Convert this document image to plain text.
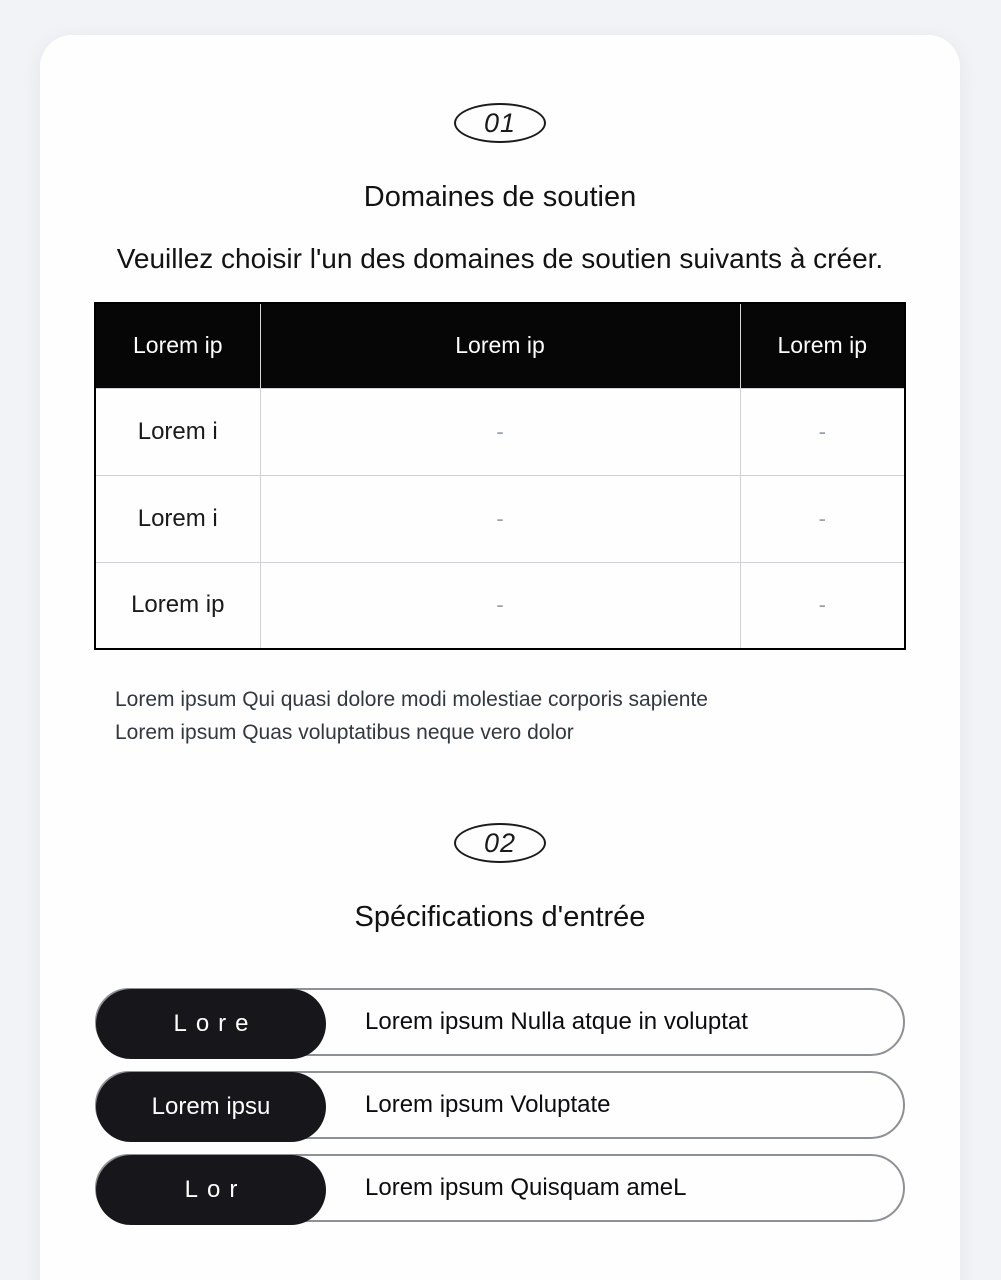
01
Domaines de soutien

Veuillez choisir l'un des domaines de soutien suivants à créer.

Lorem ip	Lorem ip	Lorem ip
Lorem i	-	-
Lorem i	-	-
Lorem ip	-	-
Lorem ipsum Qui quasi dolore modi molestiae corporis sapiente
Lorem ipsum Quas voluptatibus neque vero dolor
02
Spécifications d'entrée
Lore	Lorem ipsum Nulla atque in voluptat
Lorem ipsu	Lorem ipsum Voluptate
Lor	Lorem ipsum Quisquam ameL
